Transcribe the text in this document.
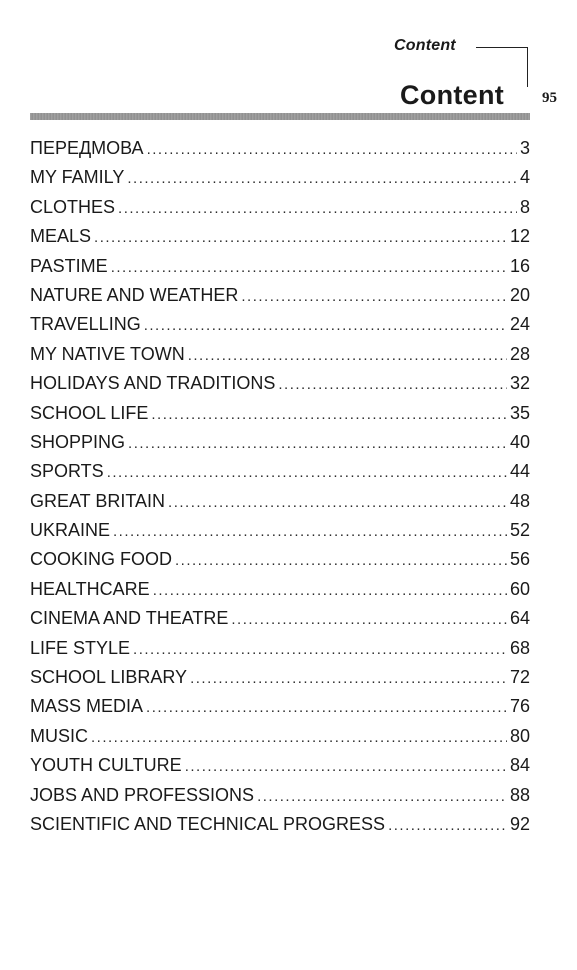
Content
Content	95
ПЕРЕДМОВА .....	3
MY FAMILY .....	4
CLOTHES .....	8
MEALS .....	12
PASTIME .....	16
NATURE AND WEATHER .....	20
TRAVELLING .....	24
MY NATIVE TOWN .....	28
HOLIDAYS AND TRADITIONS .....	32
SCHOOL LIFE .....	35
SHOPPING .....	40
SPORTS .....	44
GREAT BRITAIN .....	48
UKRAINE .....	52
COOKING FOOD .....	56
HEALTHCARE .....	60
CINEMA AND THEATRE .....	64
LIFE STYLE .....	68
SCHOOL LIBRARY .....	72
MASS MEDIA .....	76
MUSIC .....	80
YOUTH CULTURE .....	84
JOBS AND PROFESSIONS .....	88
SCIENTIFIC AND TECHNICAL PROGRESS .....	92
